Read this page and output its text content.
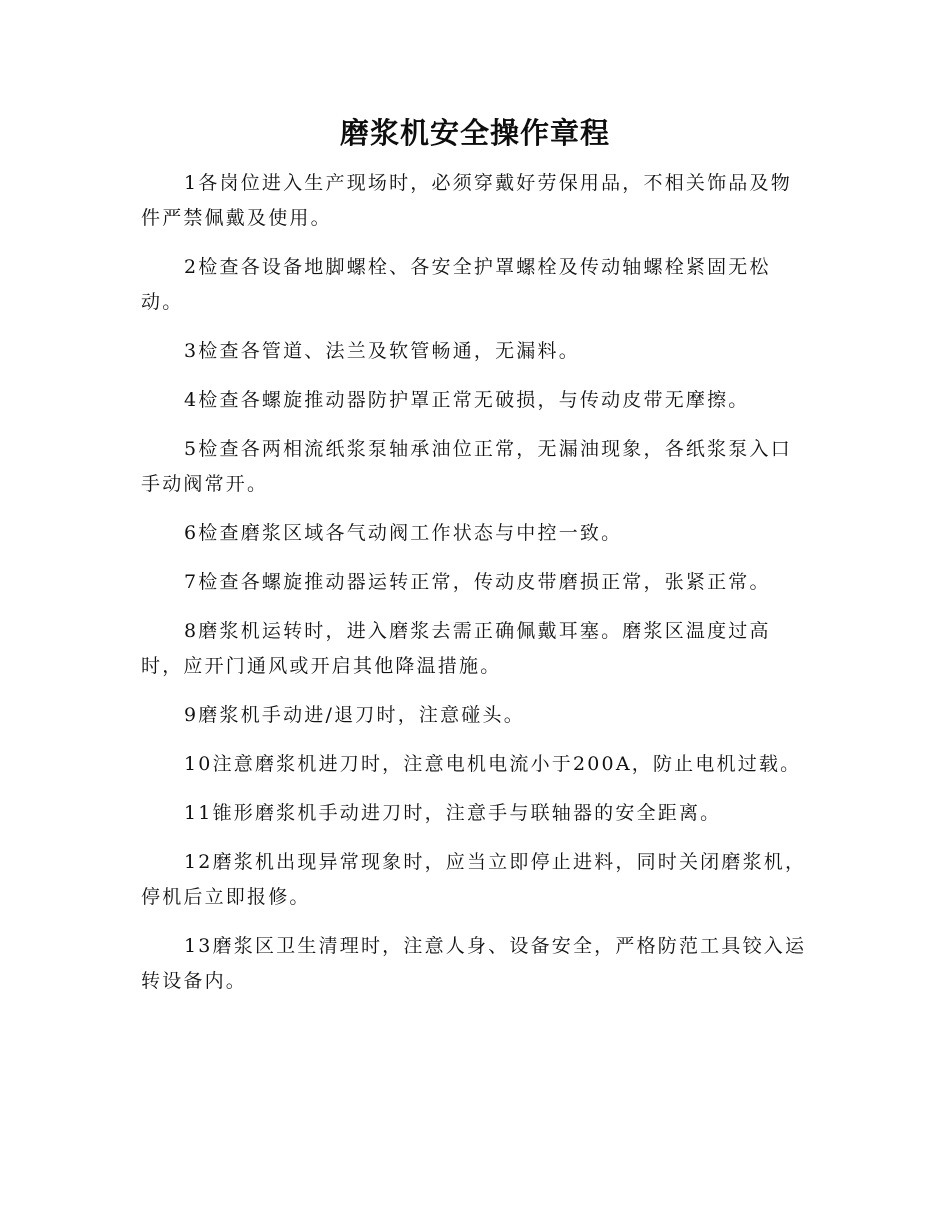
磨浆机安全操作章程

1各岗位进入生产现场时，必须穿戴好劳保用品，不相关饰品及物件严禁佩戴及使用。

2检查各设备地脚螺栓、各安全护罩螺栓及传动轴螺栓紧固无松动。

3检查各管道、法兰及软管畅通，无漏料。

4检查各螺旋推动器防护罩正常无破损，与传动皮带无摩擦。

5检查各两相流纸浆泵轴承油位正常，无漏油现象，各纸浆泵入口手动阀常开。

6检查磨浆区域各气动阀工作状态与中控一致。

7检查各螺旋推动器运转正常，传动皮带磨损正常，张紧正常。

8磨浆机运转时，进入磨浆去需正确佩戴耳塞。磨浆区温度过高时，应开门通风或开启其他降温措施。

9磨浆机手动进/退刀时，注意碰头。

10注意磨浆机进刀时，注意电机电流小于200A，防止电机过载。

11锥形磨浆机手动进刀时，注意手与联轴器的安全距离。

12磨浆机出现异常现象时，应当立即停止进料，同时关闭磨浆机，停机后立即报修。

13磨浆区卫生清理时，注意人身、设备安全，严格防范工具铰入运转设备内。
